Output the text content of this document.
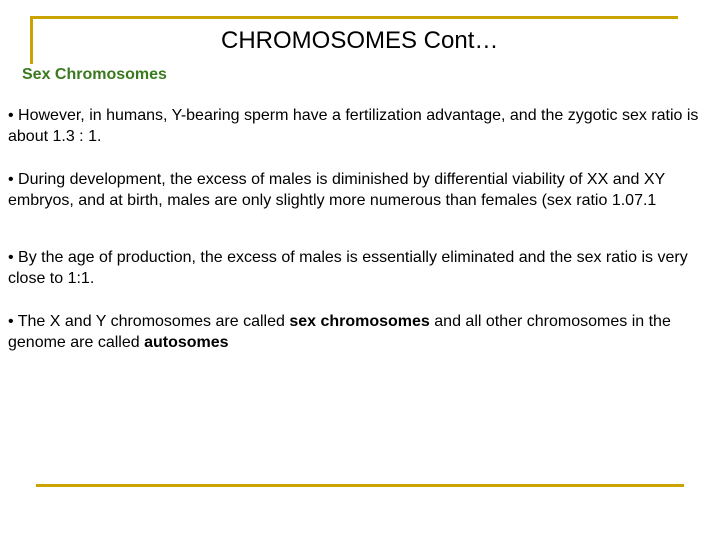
CHROMOSOMES Cont…
Sex Chromosomes

• However, in humans, Y-bearing sperm have a fertilization advantage, and the zygotic sex ratio is about 1.3 : 1.

• During development, the excess of males is diminished by differential viability of XX and XY embryos, and at birth, males are only slightly more numerous than females (sex ratio 1.07.1

• By the age of production, the excess of males is essentially eliminated and the sex ratio is very close to 1:1.

• The X and Y chromosomes are called sex chromosomes and all other chromosomes in the genome are called autosomes
